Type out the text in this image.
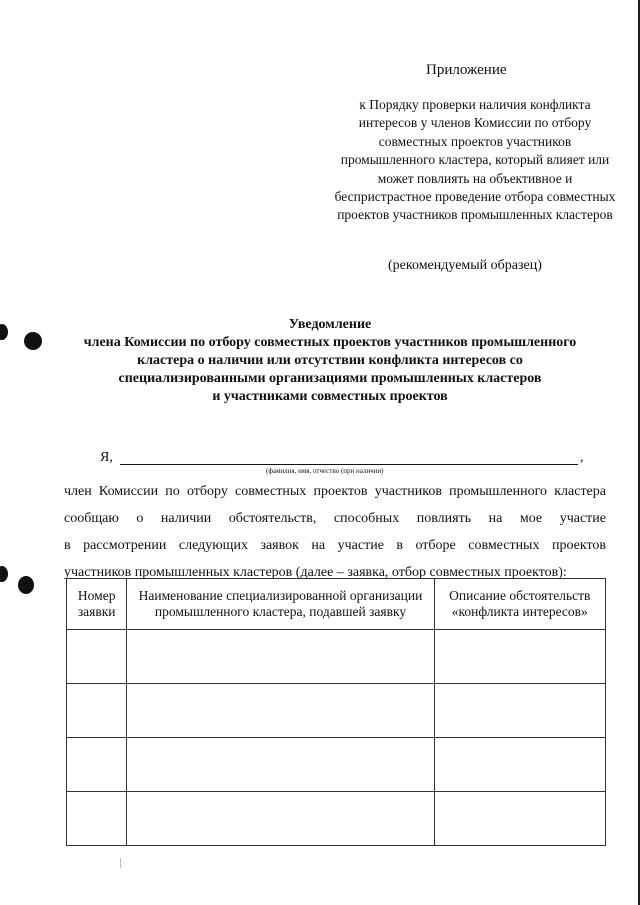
Приложение
к Порядку проверки наличия конфликта интересов у членов Комиссии по отбору совместных проектов участников промышленного кластера, который влияет или может повлиять на объективное и беспристрастное проведение отбора совместных проектов участников промышленных кластеров
(рекомендуемый образец)
Уведомление
члена Комиссии по отбору совместных проектов участников промышленного
кластера о наличии или отсутствии конфликта интересов со
специализированными организациями промышленных кластеров
и участниками совместных проектов
Я,	,
(фамилия, имя, отчество (при наличии)
член Комиссии по отбору совместных проектов участников промышленного кластера
сообщаю о наличии обстоятельств, способных повлиять на мое участие
в рассмотрении следующих заявок на участие в отборе совместных проектов
участников промышленных кластеров (далее – заявка, отбор совместных проектов):
Номер заявки	Наименование специализированной организации промышленного кластера, подавшей заявку	Описание обстоятельств «конфликта интересов»
